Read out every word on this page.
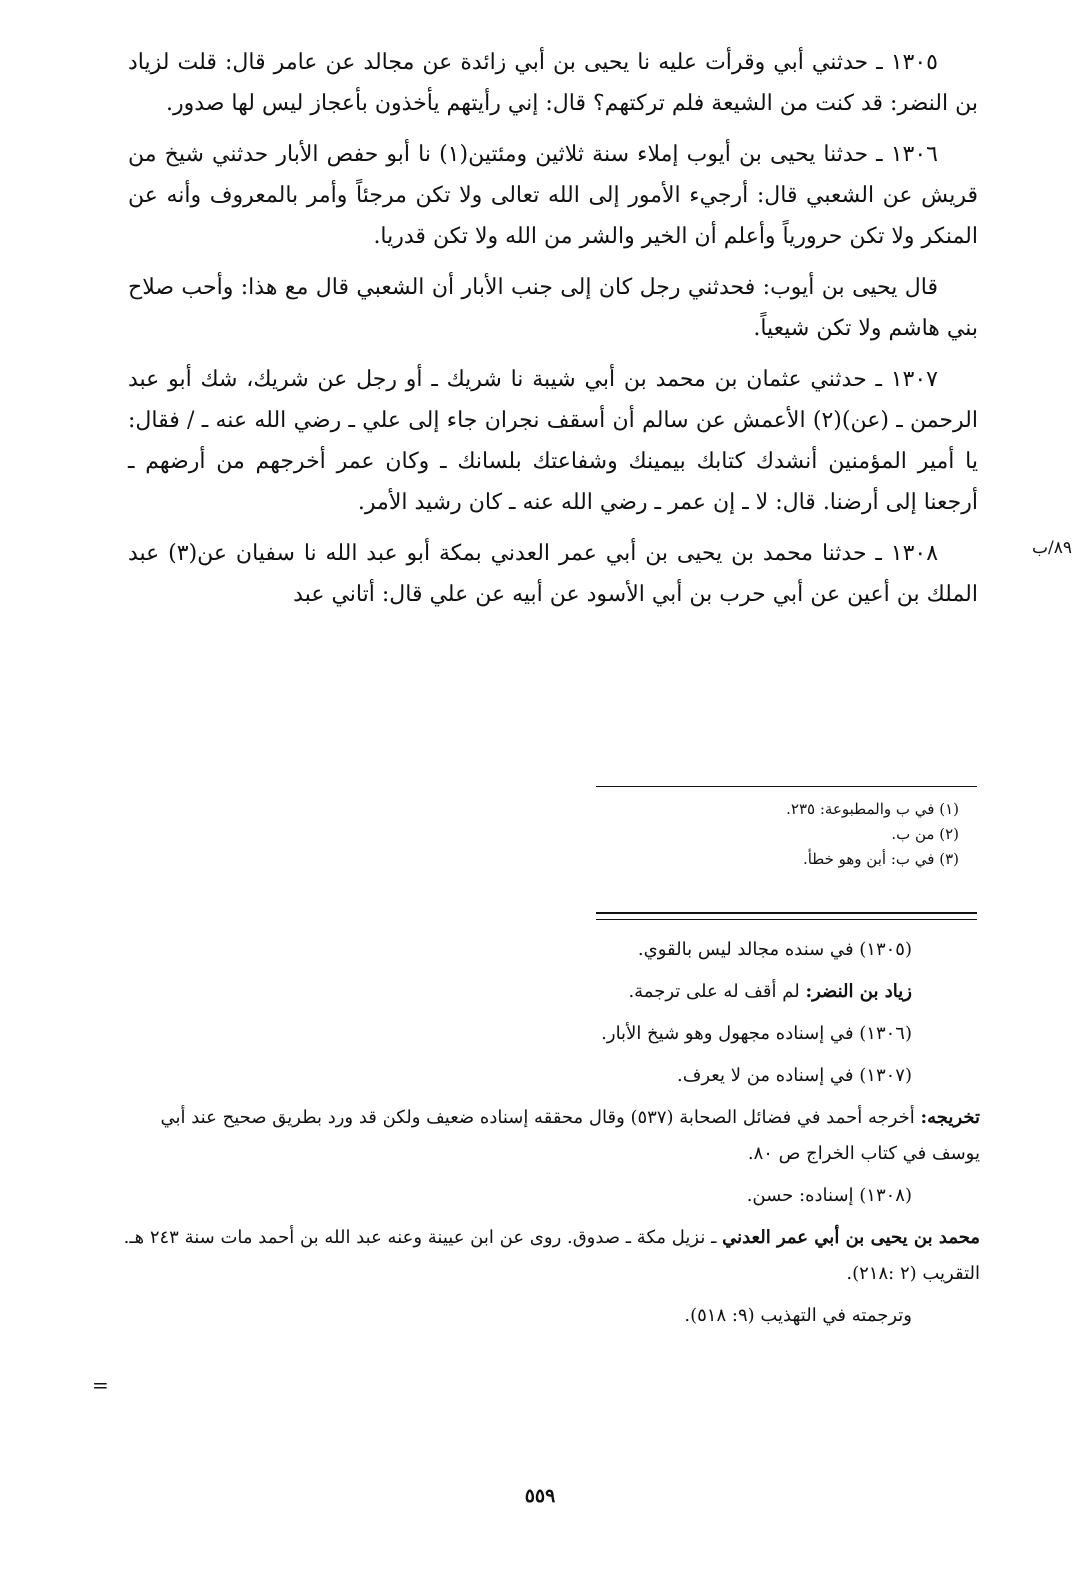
١٣٠٥ ـ حدثني أبي وقرأت عليه نا يحيى بن أبي زائدة عن مجالد عن عامر قال: قلت لزياد بن النضر: قد كنت من الشيعة فلم تركتهم؟ قال: إني رأيتهم يأخذون بأعجاز ليس لها صدور.

١٣٠٦ ـ حدثنا يحيى بن أيوب إملاء سنة ثلاثين ومئتين(١) نا أبو حفص الأبار حدثني شيخ من قريش عن الشعبي قال: أرجيء الأمور إلى الله تعالى ولا تكن مرجئاً وأمر بالمعروف وأنه عن المنكر ولا تكن حرورياً وأعلم أن الخير والشر من الله ولا تكن قدريا.

قال يحيى بن أيوب: فحدثني رجل كان إلى جنب الأبار أن الشعبي قال مع هذا: وأحب صلاح بني هاشم ولا تكن شيعياً.

١٣٠٧ ـ حدثني عثمان بن محمد بن أبي شيبة نا شريك ـ أو رجل عن شريك، شك أبو عبد الرحمن ـ (عن)(٢) الأعمش عن سالم أن أسقف نجران جاء إلى علي ـ رضي الله عنه ـ / فقال: يا أمير المؤمنين أنشدك كتابك بيمينك وشفاعتك بلسانك ـ وكان عمر أخرجهم من أرضهم ـ أرجعنا إلى أرضنا. قال: لا ـ إن عمر ـ رضي الله عنه ـ كان رشيد الأمر.

١٣٠٨ ـ حدثنا محمد بن يحيى بن أبي عمر العدني بمكة أبو عبد الله نا سفيان عن(٣) عبد الملك بن أعين عن أبي حرب بن أبي الأسود عن أبيه عن علي قال: أتاني عبد

٨٩/ب
(١) في ب والمطبوعة: ٢٣٥.
(٢) من ب.
(٣) في ب: أبن وهو خطأ.

(١٣٠٥) في سنده مجالد ليس بالقوي.

زياد بن النضر: لم أقف له على ترجمة.

(١٣٠٦) في إسناده مجهول وهو شيخ الأبار.

(١٣٠٧) في إسناده من لا يعرف.

تخريجه: أخرجه أحمد في فضائل الصحابة (٥٣٧) وقال محققه إسناده ضعيف ولكن قد ورد بطريق صحيح عند أبي يوسف في كتاب الخراج ص ٨٠.

(١٣٠٨) إسناده: حسن.

محمد بن يحيى بن أبي عمر العدني ـ نزيل مكة ـ صدوق. روى عن ابن عيينة وعنه عبد الله بن أحمد مات سنة ٢٤٣ هـ. التقريب (٢ :٢١٨).

وترجمته في التهذيب (٩: ٥١٨).

=
٥٥٩
